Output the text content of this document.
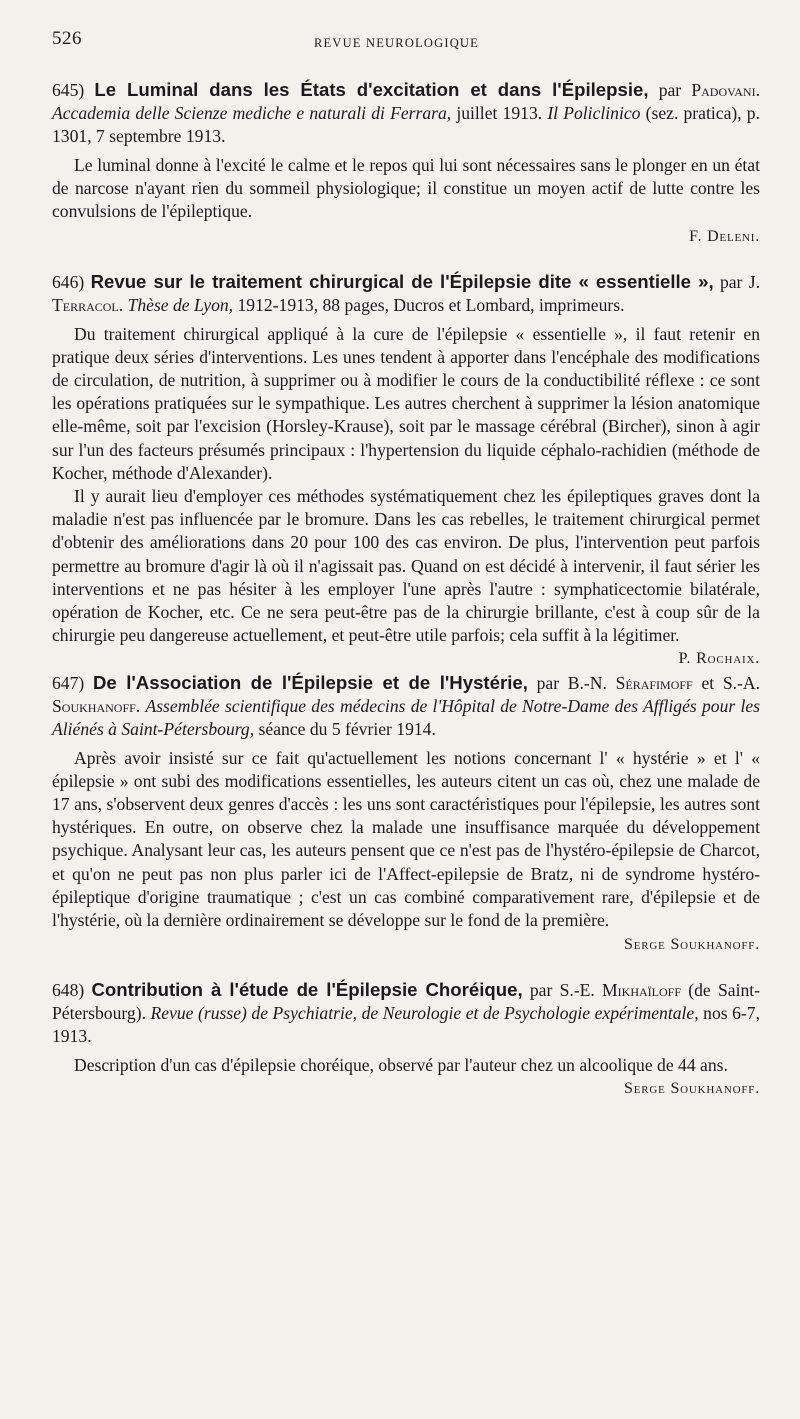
526	REVUE NEUROLOGIQUE

645) Le Luminal dans les États d'excitation et dans l'Épilepsie, par Padovani. Accademia delle Scienze mediche e naturali di Ferrara, juillet 1913. Il Policlinico (sez. pratica), p. 1301, 7 septembre 1913.

Le luminal donne à l'excité le calme et le repos qui lui sont nécessaires sans le plonger en un état de narcose n'ayant rien du sommeil physiologique; il constitue un moyen actif de lutte contre les convulsions de l'épileptique.

F. Deleni.

646) Revue sur le traitement chirurgical de l'Épilepsie dite « essentielle », par J. Terracol. Thèse de Lyon, 1912-1913, 88 pages, Ducros et Lombard, imprimeurs.

Du traitement chirurgical appliqué à la cure de l'épilepsie « essentielle », il faut retenir en pratique deux séries d'interventions. Les unes tendent à apporter dans l'encéphale des modifications de circulation, de nutrition, à supprimer ou à modifier le cours de la conductibilité réflexe : ce sont les opérations pratiquées sur le sympathique. Les autres cherchent à supprimer la lésion anatomique elle-même, soit par l'excision (Horsley-Krause), soit par le massage cérébral (Bircher), sinon à agir sur l'un des facteurs présumés principaux : l'hypertension du liquide céphalo-rachidien (méthode de Kocher, méthode d'Alexander).

Il y aurait lieu d'employer ces méthodes systématiquement chez les épileptiques graves dont la maladie n'est pas influencée par le bromure. Dans les cas rebelles, le traitement chirurgical permet d'obtenir des améliorations dans 20 pour 100 des cas environ. De plus, l'intervention peut parfois permettre au bromure d'agir là où il n'agissait pas. Quand on est décidé à intervenir, il faut sérier les interventions et ne pas hésiter à les employer l'une après l'autre : symphaticectomie bilatérale, opération de Kocher, etc. Ce ne sera peut-être pas de la chirurgie brillante, c'est à coup sûr de la chirurgie peu dangereuse actuellement, et peut-être utile parfois; cela suffit à la légitimer.
P. Rochaix.

647) De l'Association de l'Épilepsie et de l'Hystérie, par B.-N. Sérafimoff et S.-A. Soukhanoff. Assemblée scientifique des médecins de l'Hôpital de Notre-Dame des Affligés pour les Aliénés à Saint-Pétersbourg, séance du 5 février 1914.

Après avoir insisté sur ce fait qu'actuellement les notions concernant l' « hystérie » et l' « épilepsie » ont subi des modifications essentielles, les auteurs citent un cas où, chez une malade de 17 ans, s'observent deux genres d'accès : les uns sont caractéristiques pour l'épilepsie, les autres sont hystériques. En outre, on observe chez la malade une insuffisance marquée du développement psychique. Analysant leur cas, les auteurs pensent que ce n'est pas de l'hystéro-épilepsie de Charcot, et qu'on ne peut pas non plus parler ici de l'Affect-epilepsie de Bratz, ni de syndrome hystéro-épileptique d'origine traumatique ; c'est un cas combiné comparativement rare, d'épilepsie et de l'hystérie, où la dernière ordinairement se développe sur le fond de la première.

Serge Soukhanoff.

648) Contribution à l'étude de l'Épilepsie Choréique, par S.-E. Mikhaïloff (de Saint-Pétersbourg). Revue (russe) de Psychiatrie, de Neurologie et de Psychologie expérimentale, nos 6-7, 1913.

Description d'un cas d'épilepsie choréique, observé par l'auteur chez un alcoolique de 44 ans.
Serge Soukhanoff.
